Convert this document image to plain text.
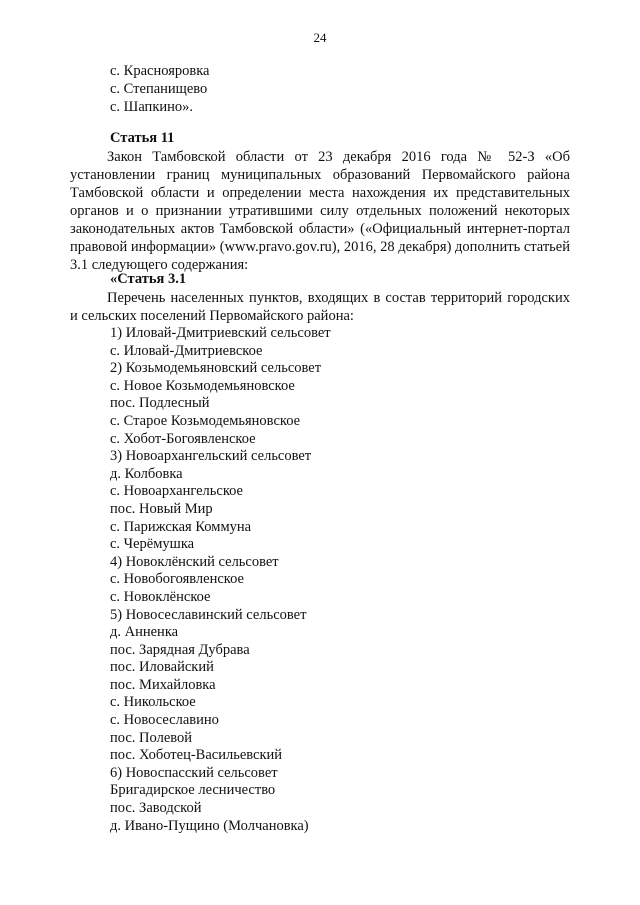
24
с. Краснояровка
с. Степанищево
с. Шапкино».
Статья 11
Закон Тамбовской области от 23 декабря 2016 года № 52-З «Об установлении границ муниципальных образований Первомайского района Тамбовской области и определении места нахождения их представительных органов и о признании утратившими силу отдельных положений некоторых законодательных актов Тамбовской области» («Официальный интернет-портал правовой информации» (www.pravo.gov.ru), 2016, 28 декабря) дополнить статьей 3.1 следующего содержания:
«Статья 3.1
Перечень населенных пунктов, входящих в состав территорий городских и сельских поселений Первомайского района:
1) Иловай-Дмитриевский сельсовет
с. Иловай-Дмитриевское
2) Козьмодемьяновский сельсовет
с. Новое Козьмодемьяновское
пос. Подлесный
с. Старое Козьмодемьяновское
с. Хобот-Богоявленское
3) Новоархангельский сельсовет
д. Колбовка
с. Новоархангельское
пос. Новый Мир
с. Парижская Коммуна
с. Черёмушка
4) Новоклёнский сельсовет
с. Новобогоявленское
с. Новоклёнское
5) Новосеславинский сельсовет
д. Анненка
пос. Зарядная Дубрава
пос. Иловайский
пос. Михайловка
с. Никольское
с. Новосеславино
пос. Полевой
пос. Хоботец-Васильевский
6) Новоспасский сельсовет
Бригадирское лесничество
пос. Заводской
д. Ивано-Пущино (Молчановка)
